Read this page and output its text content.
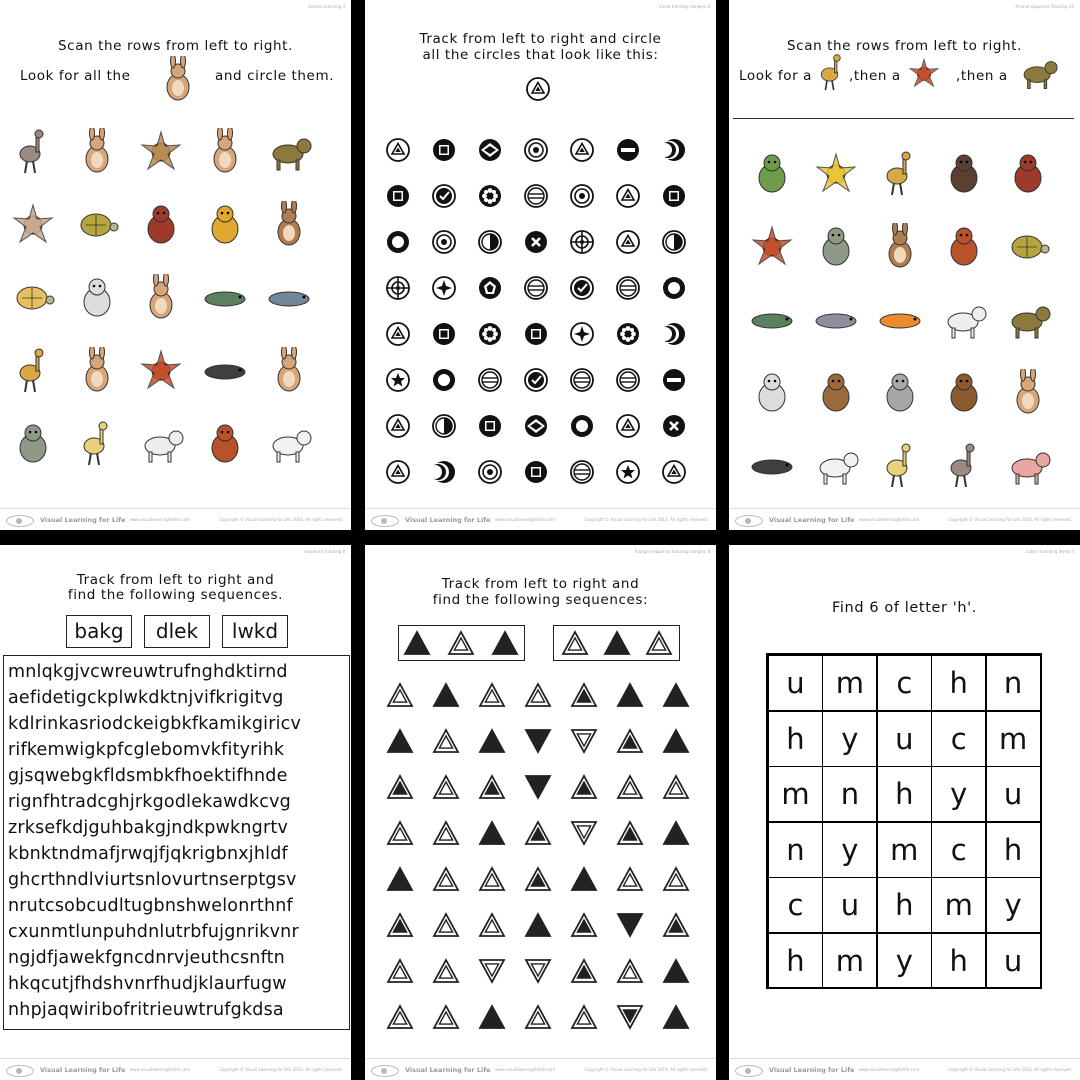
Animal scanning 4
Scan the rows from left to right.
Look for all the	and circle them.
Visual Learning for Life www.visuallearningforlife.com	Copyright © Visual Learning for Life 2016. All rights reserved.
Circle tracking complex 8
Track from left to right and circle
all the circles that look like this:
Visual Learning for Life www.visuallearningforlife.com	Copyright © Visual Learning for Life 2016. All rights reserved.
Animal sequence Tracking 10
Scan the rows from left to right.
Look for a	,then a	,then a
Visual Learning for Life www.visuallearningforlife.com	Copyright © Visual Learning for Life 2016. All rights reserved.
sequence tracking 8
Track from left to right and
find the following sequences.
bakg	dlek	lwkd
Visual Learning for Life www.visuallearningforlife.com	Copyright © Visual Learning for Life 2016. All rights reserved.
mnlqkgjvcwreuwtrufnghdktirnd
aefidetigckplwkdktnjvifkrigitvg
kdlrinkasriodckeigbkfkamikgiricv
rifkemwigkpfcglebomvkfityrihk
gjsqwebgkfldsmbkfhoektifhnde
rignfhtradcghjrkgodlekawdkcvg
zrksefkdjguhbakgjndkpwkngrtv
kbnktndmafjrwqjfjqkrigbnxjhldf
ghcrthndlviurtsnlovurtnserptgsv
nrutcsobcudltugbnshwelonrthnf
cxunmtlunpuhdnlutrbfujgnrikvnr
ngjdfjawekfgncdnrvjeuthcsnftn
hkqcutjfhdshvnrfhudjklaurfugw
nhpjaqwiribofritrieuwtrufgkdsa
Triangle sequence tracking complex 8
Track from left to right and
find the following sequences:
Visual Learning for Life www.visuallearningforlife.com	Copyright © Visual Learning for Life 2016. All rights reserved.
Letter scanning levels 4
Find 6 of letter 'h'.
Visual Learning for Life www.visuallearningforlife.com	Copyright © Visual Learning for Life 2016. All rights reserved.
u	m	c	h	n
h	y	u	c	m
m	n	h	y	u
n	y	m	c	h
c	u	h	m	y
h	m	y	h	u
